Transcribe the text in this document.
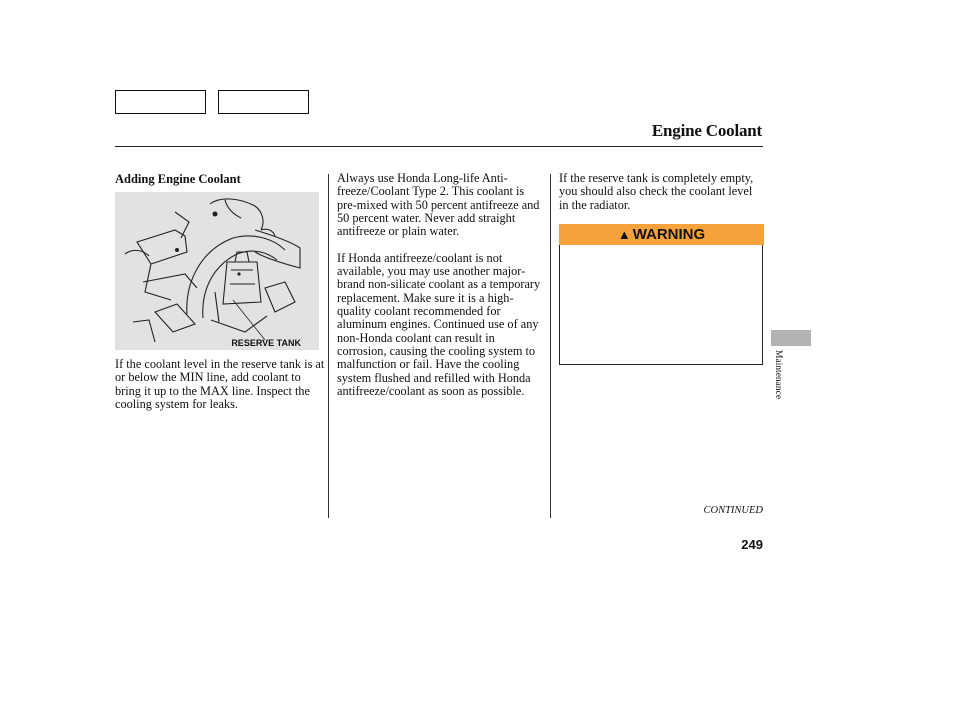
Engine Coolant

Adding Engine Coolant

RESERVE TANK

If the coolant level in the reserve tank is at or below the MIN line, add coolant to bring it up to the MAX line. Inspect the cooling system for leaks.

Always use Honda Long-life Anti-freeze/Coolant Type 2. This coolant is pre-mixed with 50 percent antifreeze and 50 percent water. Never add straight antifreeze or plain water.

If Honda antifreeze/coolant is not available, you may use another major-brand non-silicate coolant as a temporary replacement. Make sure it is a high-quality coolant recommended for aluminum engines. Continued use of any non-Honda coolant can result in corrosion, causing the cooling system to malfunction or fail. Have the cooling system flushed and refilled with Honda antifreeze/coolant as soon as possible.

If the reserve tank is completely empty, you should also check the coolant level in the radiator.

▲ WARNING
Maintenance
CONTINUED
249
